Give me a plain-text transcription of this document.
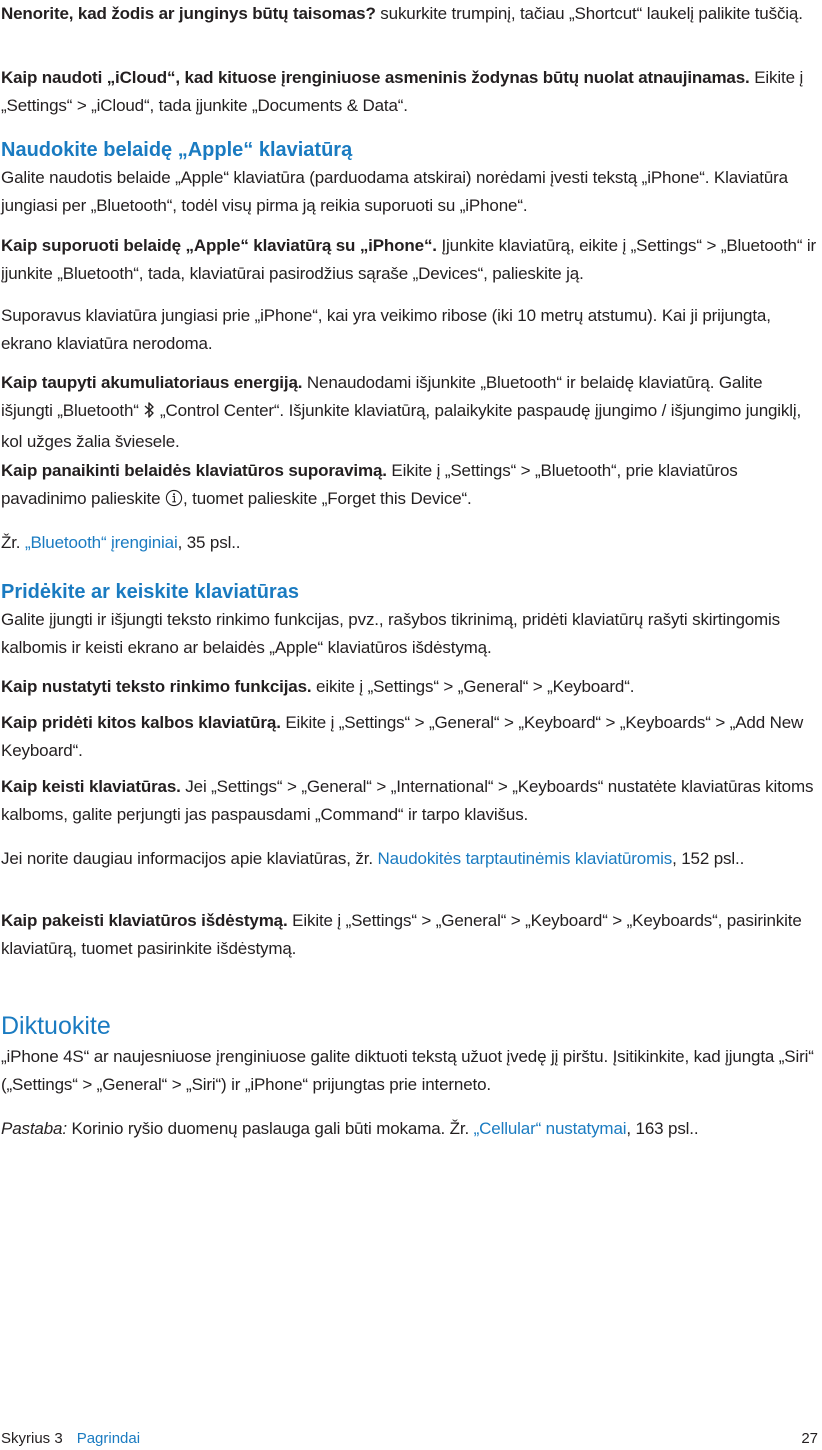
Nenorite, kad žodis ar junginys būtų taisomas? sukurkite trumpinį, tačiau „Shortcut“ laukelį palikite tuščią.

Kaip naudoti „iCloud“, kad kituose įrenginiuose asmeninis žodynas būtų nuolat atnaujinamas. Eikite į „Settings“ > „iCloud“, tada įjunkite „Documents & Data“.

Naudokite belaidę „Apple“ klaviatūrą

Galite naudotis belaide „Apple“ klaviatūra (parduodama atskirai) norėdami įvesti tekstą „iPhone“. Klaviatūra jungiasi per „Bluetooth“, todėl visų pirma ją reikia suporuoti su „iPhone“.

Kaip suporuoti belaidę „Apple“ klaviatūrą su „iPhone“. Įjunkite klaviatūrą, eikite į „Settings“ > „Bluetooth“ ir įjunkite „Bluetooth“, tada, klaviatūrai pasirodžius sąraše „Devices“, palieskite ją.

Suporavus klaviatūra jungiasi prie „iPhone“, kai yra veikimo ribose (iki 10 metrų atstumu). Kai ji prijungta, ekrano klaviatūra nerodoma.

Kaip taupyti akumuliatoriaus energiją. Nenaudodami išjunkite „Bluetooth“ ir belaidę klaviatūrą. Galite išjungti „Bluetooth“  „Control Center“. Išjunkite klaviatūrą, palaikykite paspaudę įjungimo / išjungimo jungiklį, kol užges žalia šviesele.

Kaip panaikinti belaidės klaviatūros suporavimą. Eikite į „Settings“ > „Bluetooth“, prie klaviatūros pavadinimo palieskite , tuomet palieskite „Forget this Device“.

Žr. „Bluetooth“ įrenginiai, 35 psl..

Pridėkite ar keiskite klaviatūras

Galite įjungti ir išjungti teksto rinkimo funkcijas, pvz., rašybos tikrinimą, pridėti klaviatūrų rašyti skirtingomis kalbomis ir keisti ekrano ar belaidės „Apple“ klaviatūros išdėstymą.

Kaip nustatyti teksto rinkimo funkcijas. eikite į „Settings“ > „General“ > „Keyboard“.

Kaip pridėti kitos kalbos klaviatūrą. Eikite į „Settings“ > „General“ > „Keyboard“ > „Keyboards“ > „Add New Keyboard“.

Kaip keisti klaviatūras. Jei „Settings“ > „General“ > „International“ > „Keyboards“ nustatėte klaviatūras kitoms kalboms, galite perjungti jas paspausdami „Command“ ir tarpo klavišus.

Jei norite daugiau informacijos apie klaviatūras, žr. Naudokitės tarptautinėmis klaviatūromis, 152 psl..

Kaip pakeisti klaviatūros išdėstymą. Eikite į „Settings“ > „General“ > „Keyboard“ > „Keyboards“, pasirinkite klaviatūrą, tuomet pasirinkite išdėstymą.

Diktuokite

„iPhone 4S“ ar naujesniuose įrenginiuose galite diktuoti tekstą užuot įvedę jį pirštu. Įsitikinkite, kad įjungta „Siri“ („Settings“ > „General“ > „Siri“) ir „iPhone“ prijungtas prie interneto.

Pastaba: Korinio ryšio duomenų paslauga gali būti mokama. Žr. „Cellular“ nustatymai, 163 psl..

Skyrius 3 Pagrindai	27
